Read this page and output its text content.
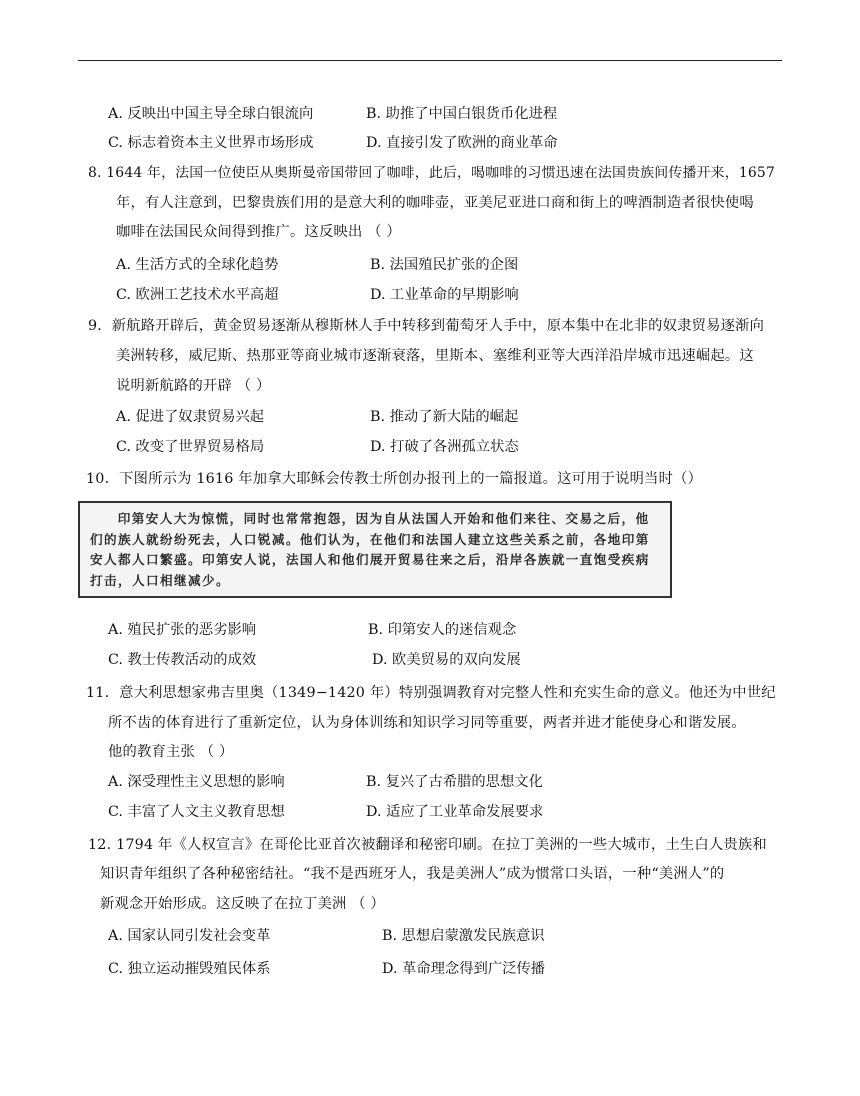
A. 反映出中国主导全球白银流向	B. 助推了中国白银货币化进程
C. 标志着资本主义世界市场形成	D. 直接引发了欧洲的商业革命
8. 1644 年，法国一位使臣从奥斯曼帝国带回了咖啡，此后，喝咖啡的习惯迅速在法国贵族间传播开来，1657
年，有人注意到，巴黎贵族们用的是意大利的咖啡壶，亚美尼亚进口商和街上的啤酒制造者很快使喝
咖啡在法国民众间得到推广。这反映出 （ ）
A. 生活方式的全球化趋势	B. 法国殖民扩张的企图
C. 欧洲工艺技术水平高超	D. 工业革命的早期影响
9．新航路开辟后，黄金贸易逐渐从穆斯林人手中转移到葡萄牙人手中，原本集中在北非的奴隶贸易逐渐向
美洲转移，威尼斯、热那亚等商业城市逐渐衰落，里斯本、塞维利亚等大西洋沿岸城市迅速崛起。这
说明新航路的开辟 （ ）
A. 促进了奴隶贸易兴起	B. 推动了新大陆的崛起
C. 改变了世界贸易格局	D. 打破了各洲孤立状态
10．下图所示为 1616 年加拿大耶稣会传教士所创办报刊上的一篇报道。这可用于说明当时（）
印第安人大为惊慌，同时也常常抱怨，因为自从法国人开始和他们来往、交易之后，他们的族人就纷纷死去，人口锐减。他们认为，在他们和法国人建立这些关系之前，各地印第安人都人口繁盛。印第安人说，法国人和他们展开贸易往来之后，沿岸各族就一直饱受疾病打击，人口相继减少。
A. 殖民扩张的恶劣影响	B. 印第安人的迷信观念
C. 教士传教活动的成效	D. 欧美贸易的双向发展
11．意大利思想家弗吉里奥（1349−1420 年）特别强调教育对完整人性和充实生命的意义。他还为中世纪
所不齿的体育进行了重新定位，认为身体训练和知识学习同等重要，两者并进才能使身心和谐发展。
他的教育主张 （ ）
A. 深受理性主义思想的影响	B. 复兴了古希腊的思想文化
C. 丰富了人文主义教育思想	D. 适应了工业革命发展要求
12. 1794 年《人权宣言》在哥伦比亚首次被翻译和秘密印刷。在拉丁美洲的一些大城市，土生白人贵族和
知识青年组织了各种秘密结社。“我不是西班牙人，我是美洲人”成为惯常口头语，一种“美洲人”的
新观念开始形成。这反映了在拉丁美洲 （ ）
A. 国家认同引发社会变革	B. 思想启蒙激发民族意识
C. 独立运动摧毁殖民体系	D. 革命理念得到广泛传播
